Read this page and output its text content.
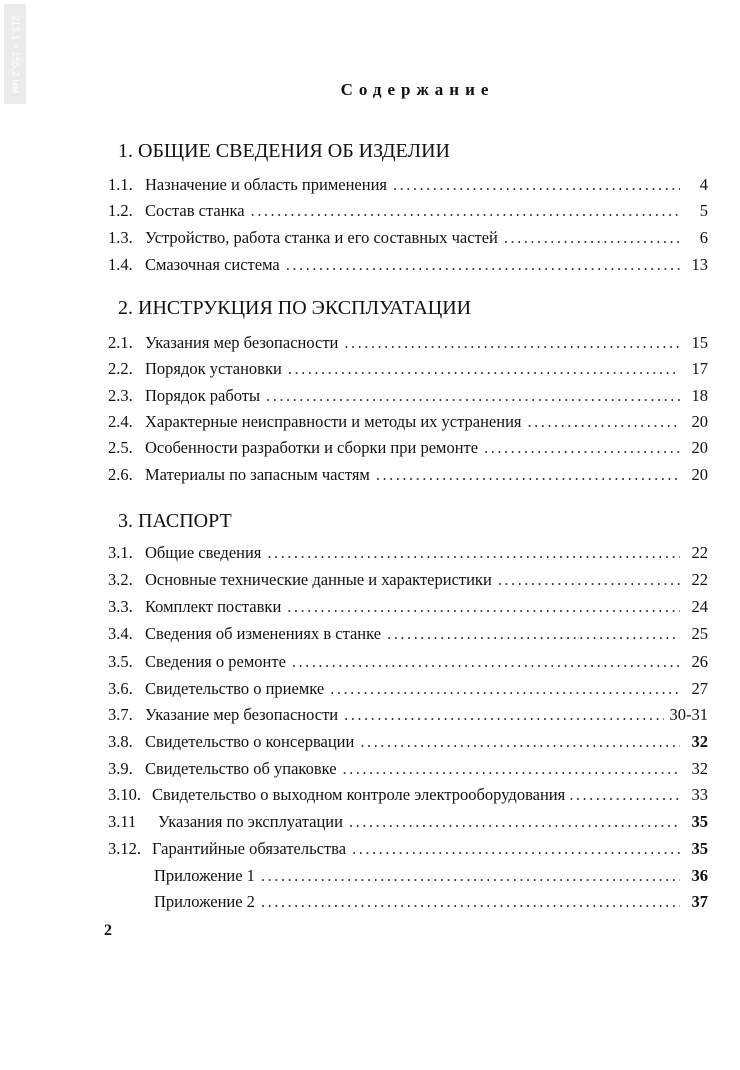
213,1 × 155,2 мм	Содержание
1. ОБЩИЕ СВЕДЕНИЯ ОБ ИЗДЕЛИИ
1.1. Назначение и область применения .....	4
1.2. Состав станка .....	5
1.3. Устройство, работа станка и его составных частей .....	6
1.4. Смазочная система .....	13
2. ИНСТРУКЦИЯ ПО ЭКСПЛУАТАЦИИ
2.1. Указания мер безопасности .....	15
2.2. Порядок установки .....	17
2.3. Порядок работы .....	18
2.4. Характерные неисправности и методы их устранения .....	20
2.5. Особенности разработки и сборки при ремонте .....	20
2.6. Материалы по запасным частям .....	20
3. ПАСПОРТ
3.1. Общие сведения .....	22
3.2. Основные технические данные и характеристики .....	22
3.3. Комплект поставки .....	24
3.4. Сведения об изменениях в станке .....	25
3.5. Сведения о ремонте .....	26
3.6. Свидетельство о приемке .....	27
3.7. Указание мер безопасности .....	30-31
3.8. Свидетельство о консервации .....	32
3.9. Свидетельство об упаковке .....	32
3.10. Свидетельство о выходном контроле электрооборудования .....	33
3.11	Указания по эксплуатации .....	35
3.12. Гарантийные обязательства .....	35
Приложение 1 .....	36
Приложение 2 .....	37
2
